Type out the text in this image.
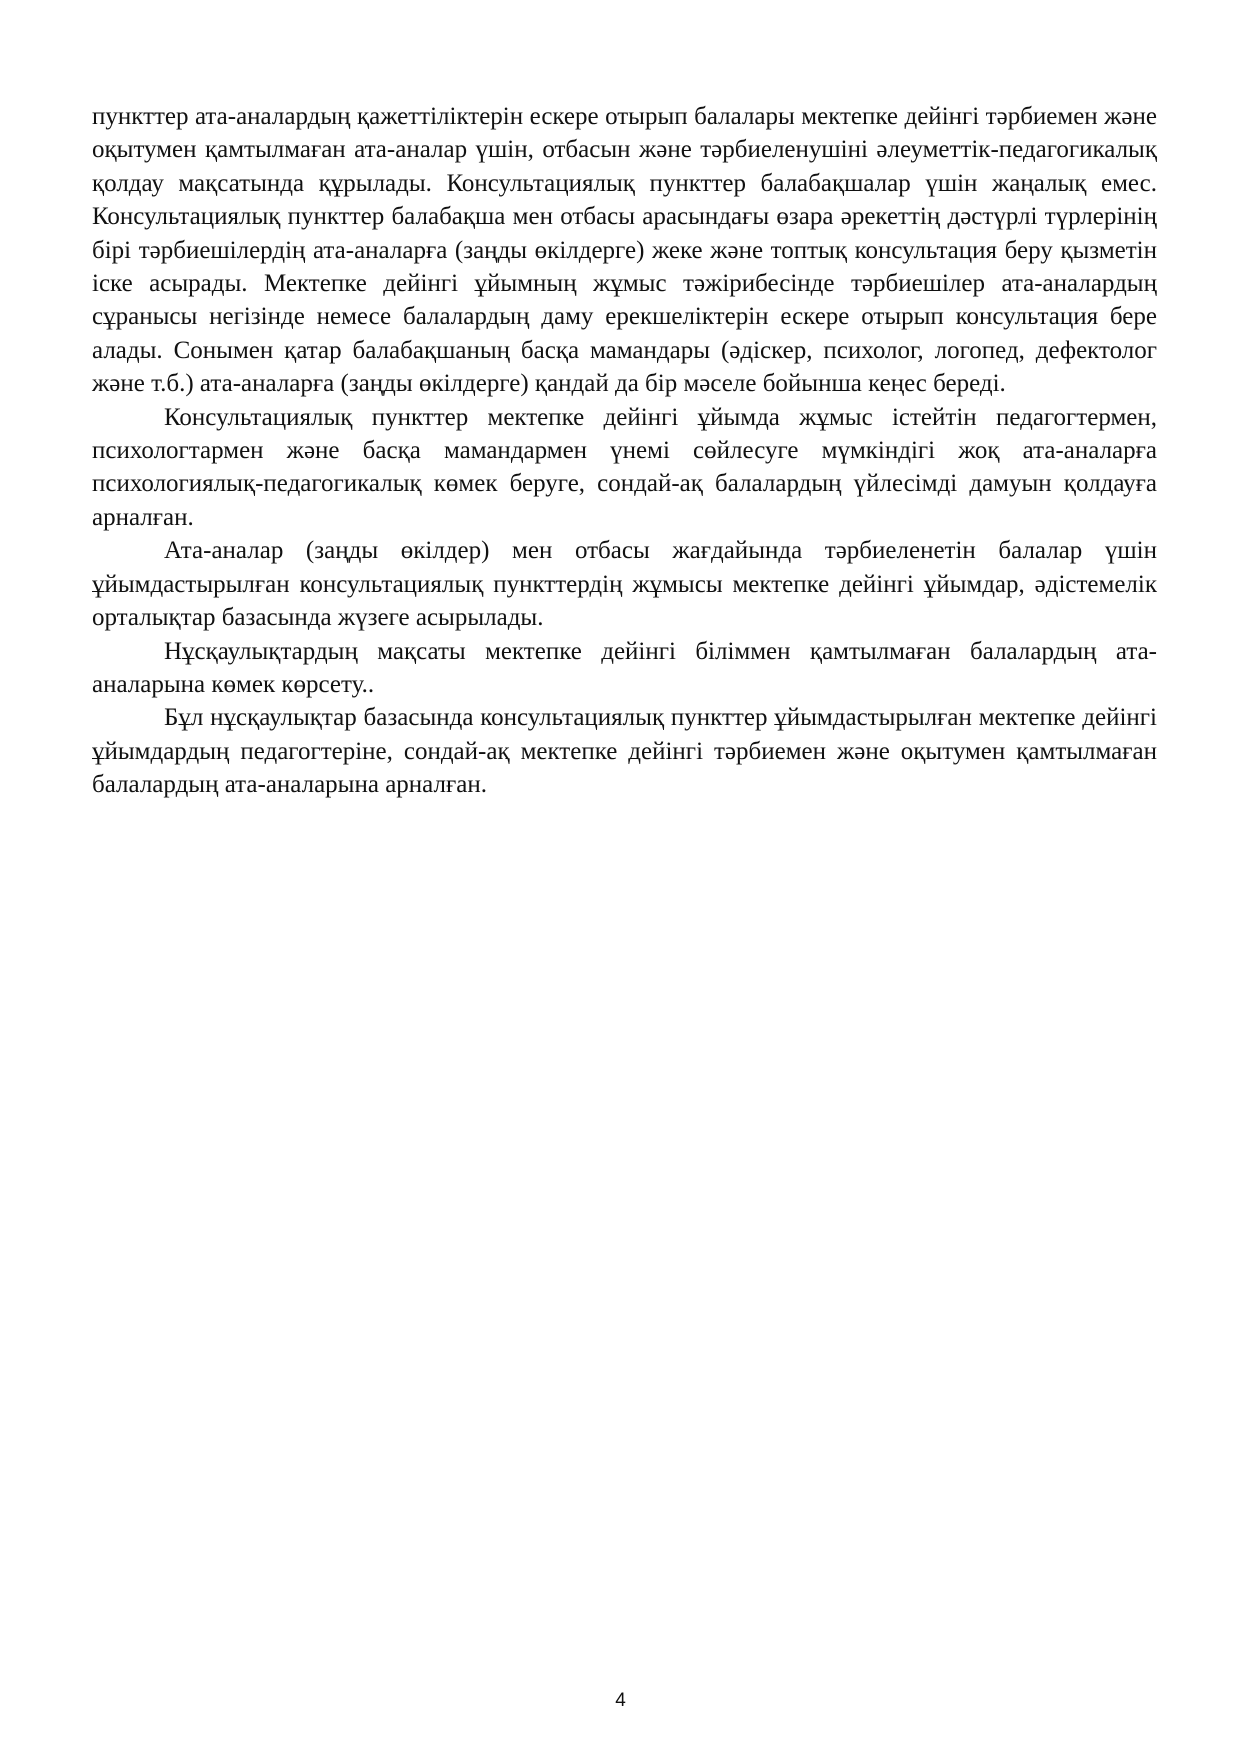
пункттер ата-аналардың қажеттіліктерін ескере отырып балалары мектепке дейінгі тәрбиемен және оқытумен қамтылмаған ата-аналар үшін, отбасын және тәрбиеленушіні әлеуметтік-педагогикалық қолдау мақсатында құрылады. Консультациялық пункттер балабақшалар үшін жаңалық емес. Консультациялық пункттер балабақша мен отбасы арасындағы өзара әрекеттің дәстүрлі түрлерінің бірі тәрбиешілердің ата-аналарға (заңды өкілдерге) жеке және топтық консультация беру қызметін іске асырады. Мектепке дейінгі ұйымның жұмыс тәжірибесінде тәрбиешілер ата-аналардың сұранысы негізінде немесе балалардың даму ерекшеліктерін ескере отырып консультация бере алады. Сонымен қатар балабақшаның басқа мамандары (әдіскер, психолог, логопед, дефектолог және т.б.) ата-аналарға (заңды өкілдерге) қандай да бір мәселе бойынша кеңес береді.

Консультациялық пункттер мектепке дейінгі ұйымда жұмыс істейтін педагогтермен, психологтармен және басқа мамандармен үнемі сөйлесуге мүмкіндігі жоқ ата-аналарға психологиялық-педагогикалық көмек беруге, сондай-ақ балалардың үйлесімді дамуын қолдауға арналған.

Ата-аналар (заңды өкілдер) мен отбасы жағдайында тәрбиеленетін балалар үшін ұйымдастырылған консультациялық пункттердің жұмысы мектепке дейінгі ұйымдар, әдістемелік орталықтар базасында жүзеге асырылады.

Нұсқаулықтардың мақсаты мектепке дейінгі біліммен қамтылмаған балалардың ата-аналарына көмек көрсету..

Бұл нұсқаулықтар базасында консультациялық пункттер ұйымдастырылған мектепке дейінгі ұйымдардың педагогтеріне, сондай-ақ мектепке дейінгі тәрбиемен және оқытумен қамтылмаған балалардың ата-аналарына арналған.

4
